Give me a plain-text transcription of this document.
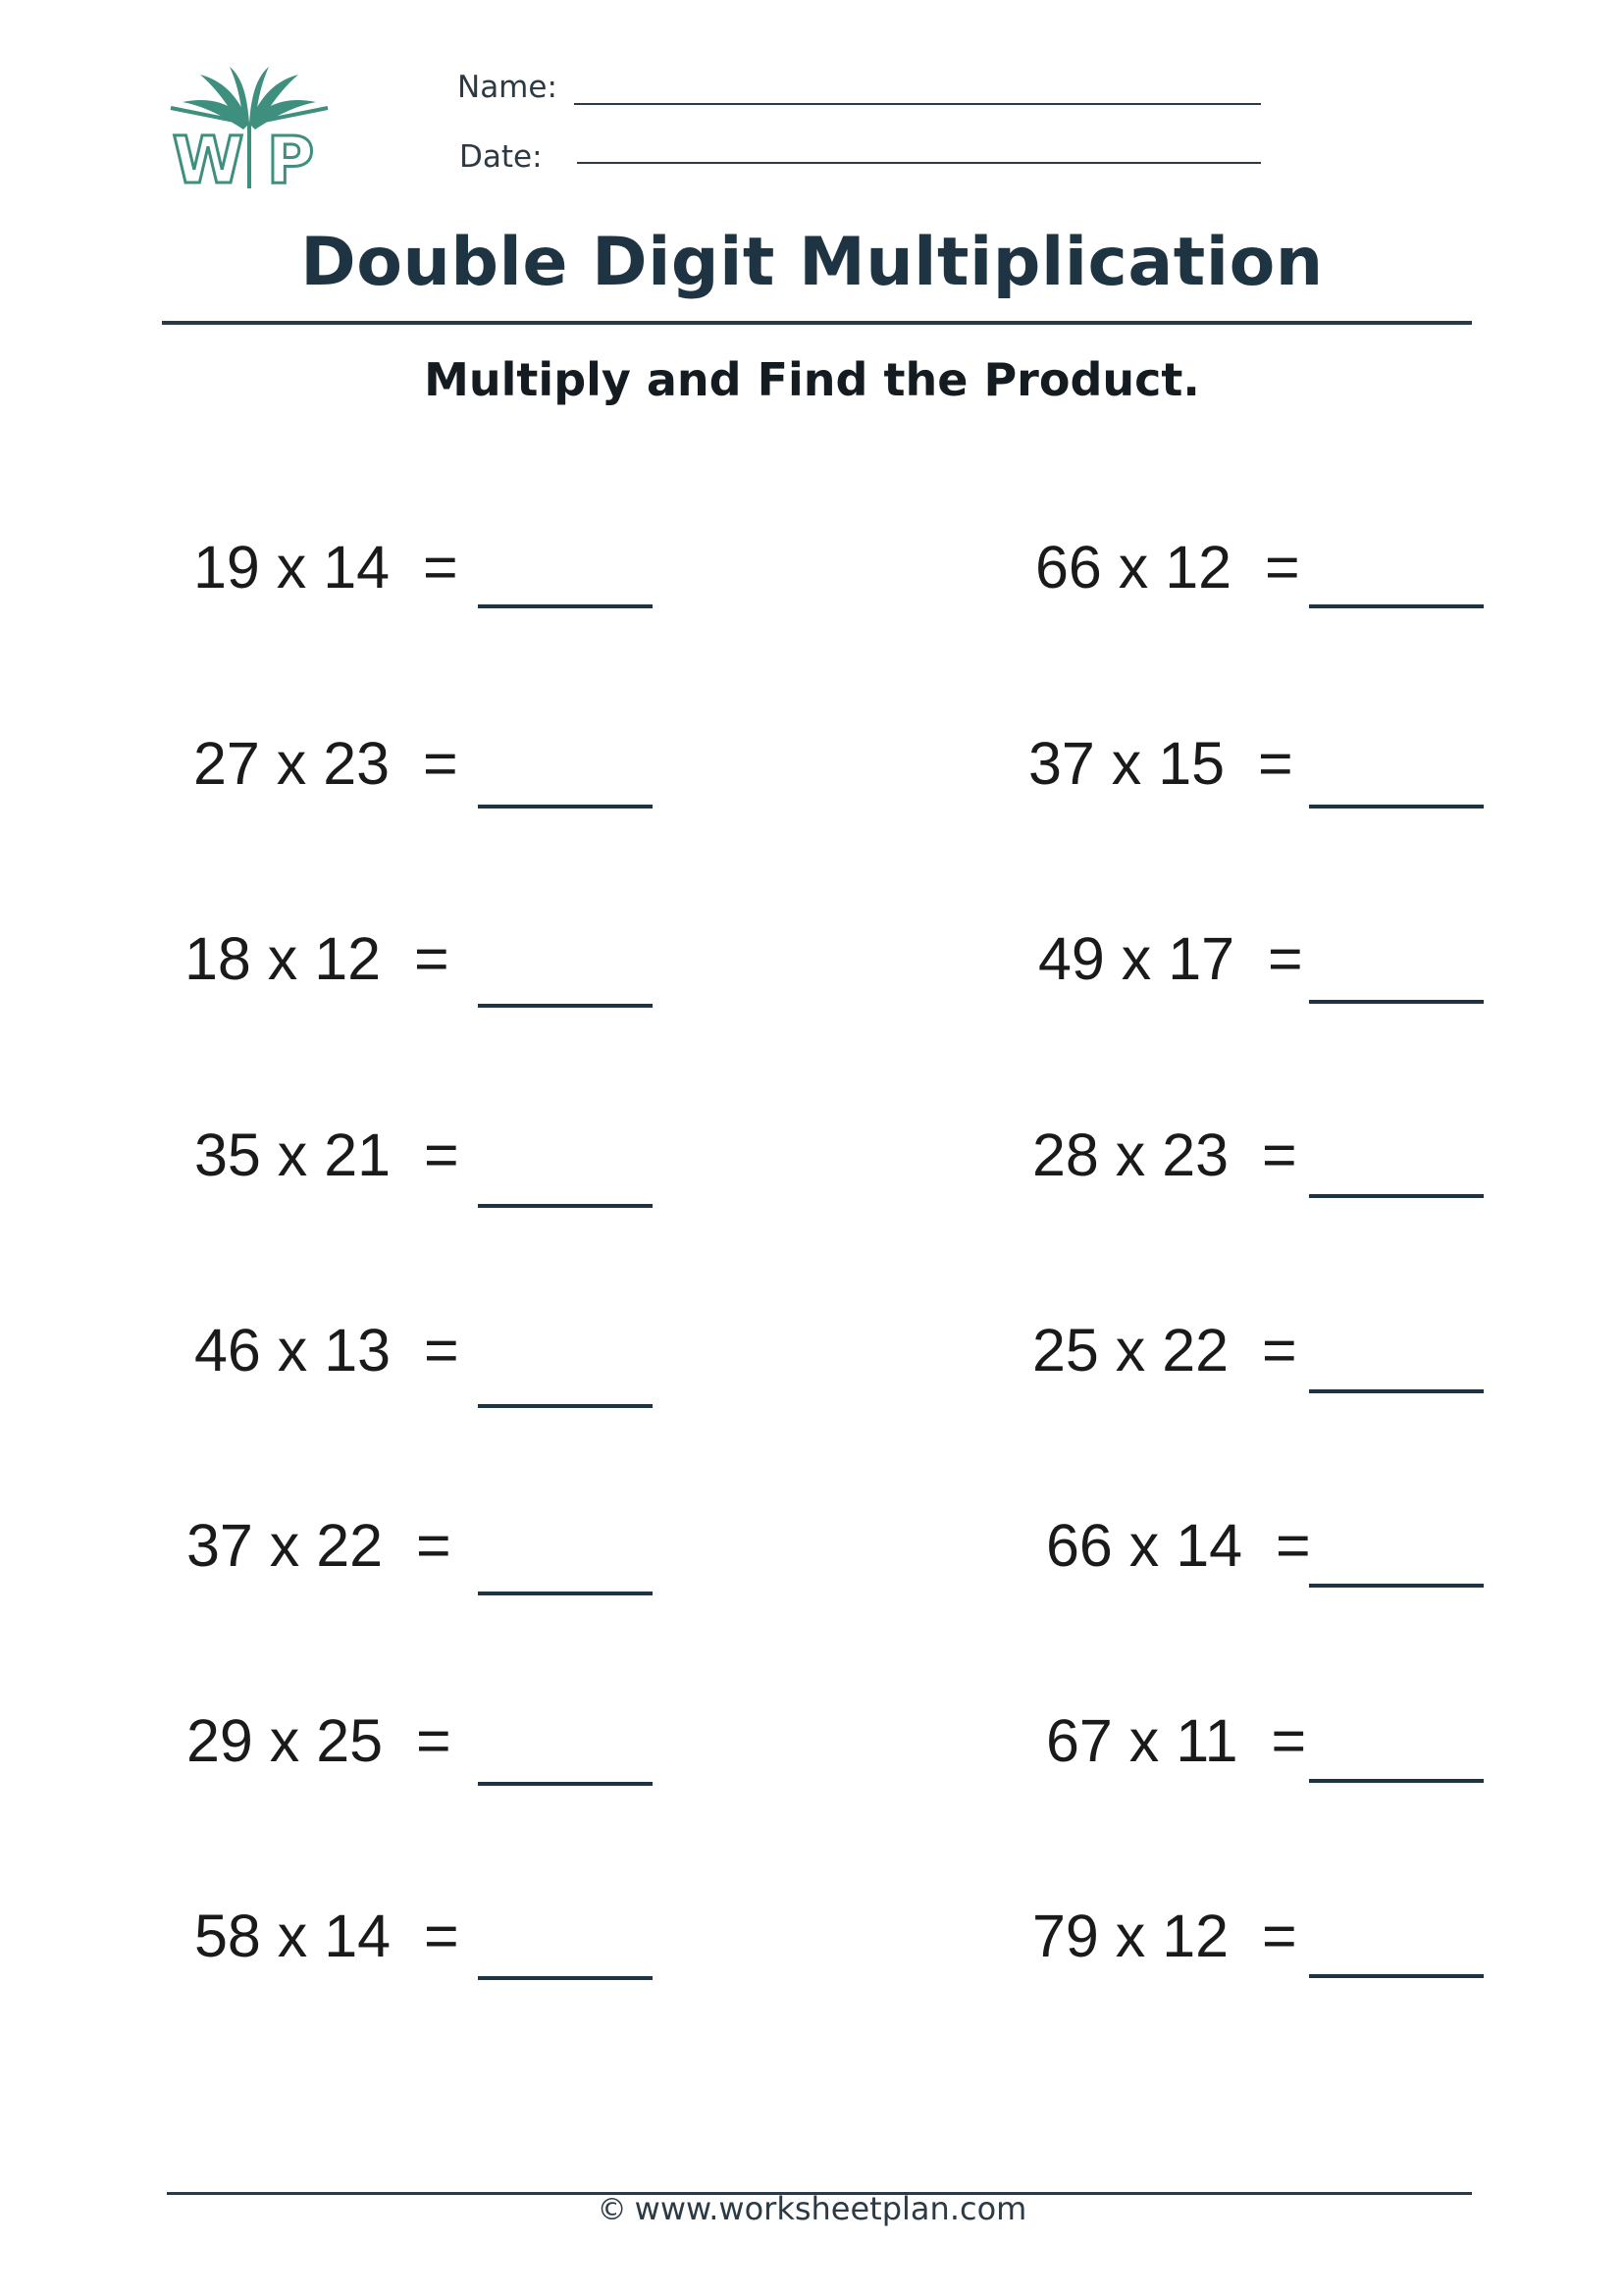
W P
Name:
Date:
Double Digit Multiplication
Multiply and Find the Product.
19 x 14  =
27 x 23  =
18 x 12  =
35 x 21  =
46 x 13  =
37 x 22  =
29 x 25  =
58 x 14  =
66 x 12  =
37 x 15  =
49 x 17  =
28 x 23  =
25 x 22  =
66 x 14  =
67 x 11  =
79 x 12  =
© www.worksheetplan.com
